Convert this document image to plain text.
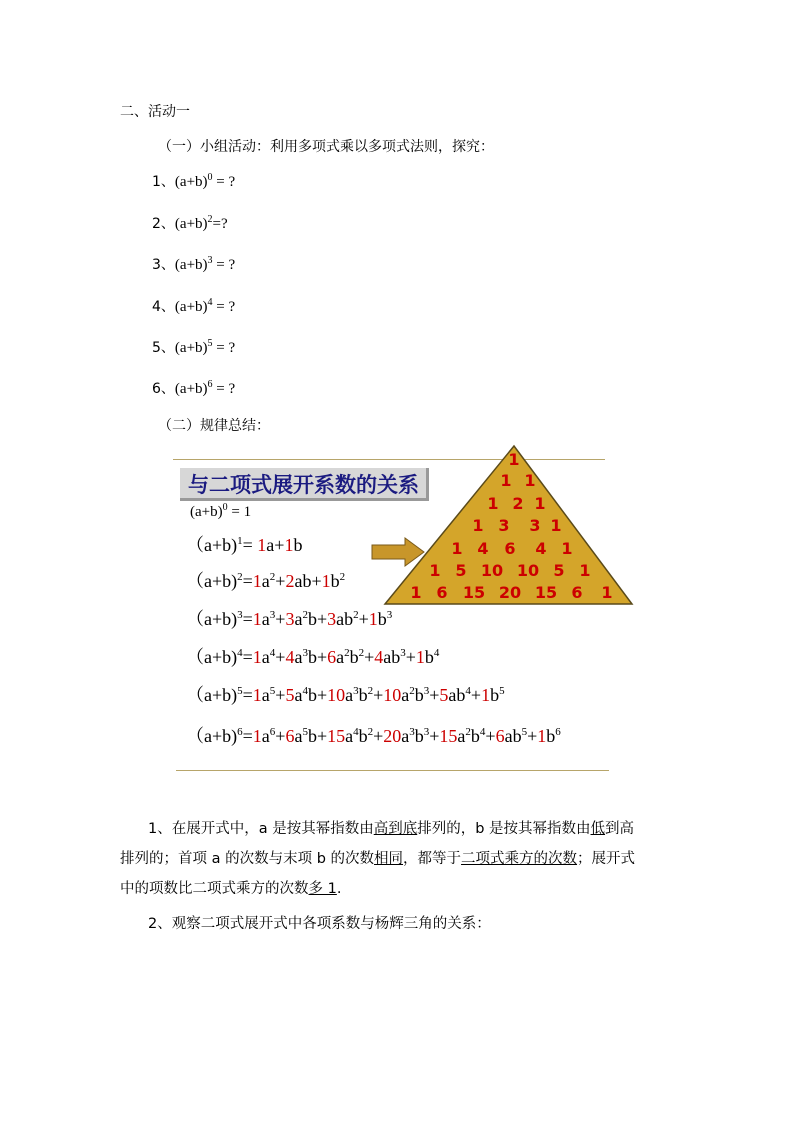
二、活动一
（一）小组活动：利用多项式乘以多项式法则，探究：
1、$(a+b)^0$ = ?
2、$(a+b)^2=$?
3、$(a+b)^3$ = ?
4、$(a+b)^4$ = ?
5、$(a+b)^5$ = ?
6、$(a+b)^6$ = ?
（二）规律总结：
1
1 1
1 2 1
1 3	3 1
1 4 6	4 1
1 5 10 10 5 1
1 6 15 20 15 6	1
与二项式展开系数的关系
$(a+b)^0 = 1$
（a+b)$^1$= 1a+1b
$(a+b)^2=1a^2+2ab+1b^2$
$(a+b)^3=1a^3+3a^2b+3ab^2+1b^3$
$(a+b)^4=1a^4+4a^3b+6a^2b^2+4ab^3+1b^4$
$(a+b)^5=1a^5+5a^4b+10a^3b^2+10a^2b^3+5ab^4+1b^5$
$(a+b)^6=1a^6+6a^5b+15a^4b^2+20a^3b^3+15a^2b^4+6ab^5+1b^6$
1、在展开式中，a 是按其幂指数由高到底排列的，b 是按其幂指数由低到高
排列的；首项 a 的次数与末项 b 的次数相同，都等于二项式乘方的次数；展开式
中的项数比二项式乘方的次数多 1.
2、观察二项式展开式中各项系数与杨辉三角的关系：
